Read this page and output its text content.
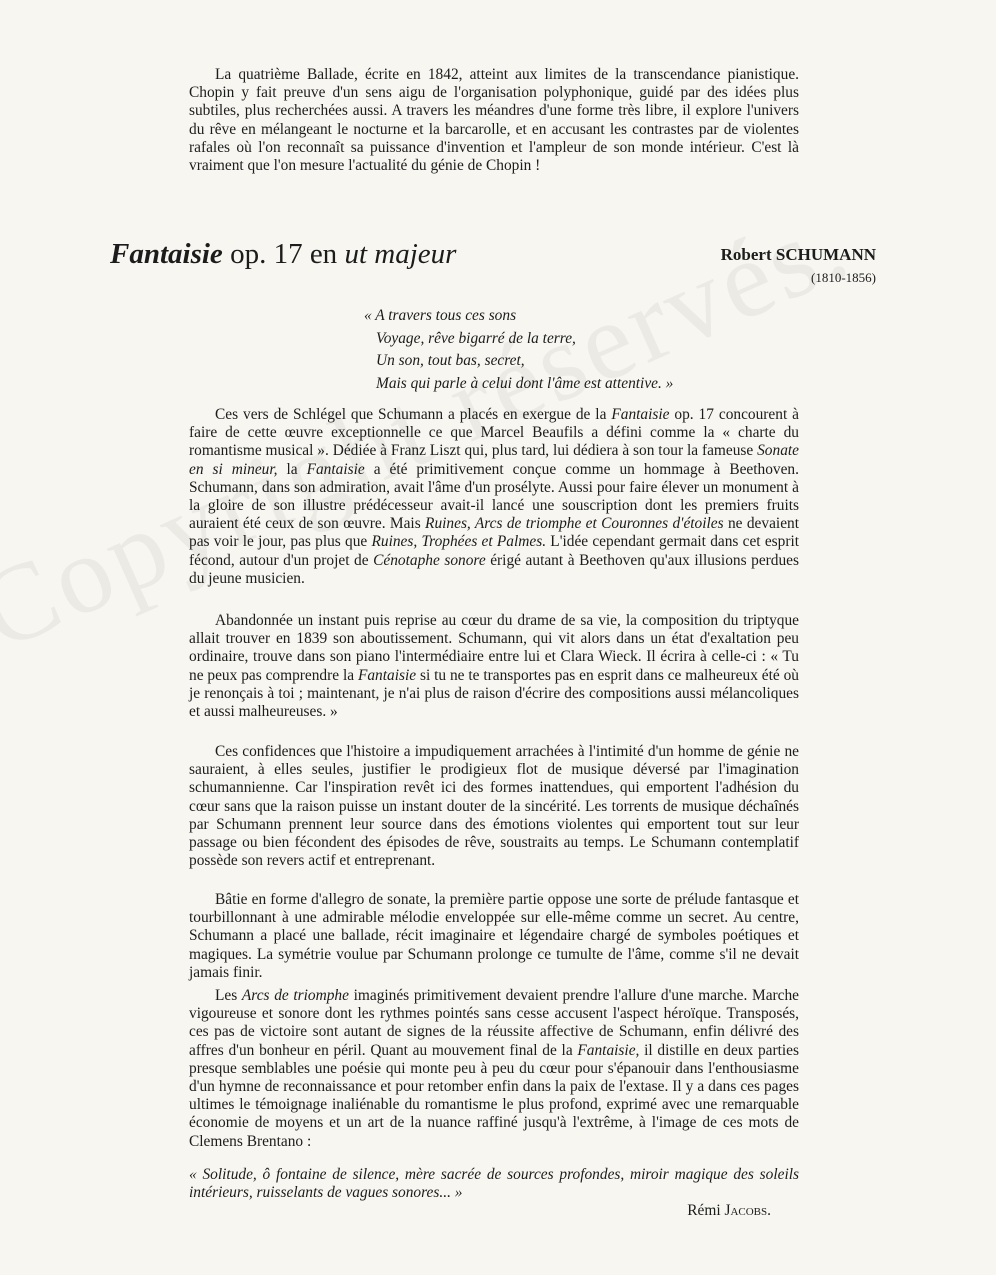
La quatrième Ballade, écrite en 1842, atteint aux limites de la transcendance pianistique. Chopin y fait preuve d'un sens aigu de l'organisation polyphonique, guidé par des idées plus subtiles, plus recherchées aussi. A travers les méandres d'une forme très libre, il explore l'univers du rêve en mélangeant le nocturne et la barcarolle, et en accusant les contrastes par de violentes rafales où l'on reconnaît sa puissance d'invention et l'ampleur de son monde intérieur. C'est là vraiment que l'on mesure l'actualité du génie de Chopin !

Fantaisie op. 17 en ut majeur	Robert SCHUMANN
(1810-1856)
« A travers tous ces sons
Voyage, rêve bigarré de la terre,
Un son, tout bas, secret,
Mais qui parle à celui dont l'âme est attentive. »

Ces vers de Schlégel que Schumann a placés en exergue de la Fantaisie op. 17 concourent à faire de cette œuvre exceptionnelle ce que Marcel Beaufils a défini comme la « charte du romantisme musical ». Dédiée à Franz Liszt qui, plus tard, lui dédiera à son tour la fameuse Sonate en si mineur, la Fantaisie a été primitivement conçue comme un hommage à Beethoven. Schumann, dans son admiration, avait l'âme d'un prosélyte. Aussi pour faire élever un monument à la gloire de son illustre prédécesseur avait-il lancé une souscription dont les premiers fruits auraient été ceux de son œuvre. Mais Ruines, Arcs de triomphe et Couronnes d'étoiles ne devaient pas voir le jour, pas plus que Ruines, Trophées et Palmes. L'idée cependant germait dans cet esprit fécond, autour d'un projet de Cénotaphe sonore érigé autant à Beethoven qu'aux illusions perdues du jeune musicien.

Abandonnée un instant puis reprise au cœur du drame de sa vie, la composition du triptyque allait trouver en 1839 son aboutissement. Schumann, qui vit alors dans un état d'exaltation peu ordinaire, trouve dans son piano l'intermédiaire entre lui et Clara Wieck. Il écrira à celle-ci : « Tu ne peux pas comprendre la Fantaisie si tu ne te transportes pas en esprit dans ce malheureux été où je renonçais à toi ; maintenant, je n'ai plus de raison d'écrire des compositions aussi mélancoliques et aussi malheureuses. »

Ces confidences que l'histoire a impudiquement arrachées à l'intimité d'un homme de génie ne sauraient, à elles seules, justifier le prodigieux flot de musique déversé par l'imagination schumannienne. Car l'inspiration revêt ici des formes inattendues, qui emportent l'adhésion du cœur sans que la raison puisse un instant douter de la sincérité. Les torrents de musique déchaînés par Schumann prennent leur source dans des émotions violentes qui emportent tout sur leur passage ou bien fécondent des épisodes de rêve, soustraits au temps. Le Schumann contemplatif possède son revers actif et entreprenant.

Bâtie en forme d'allegro de sonate, la première partie oppose une sorte de prélude fantasque et tourbillonnant à une admirable mélodie enveloppée sur elle-même comme un secret. Au centre, Schumann a placé une ballade, récit imaginaire et légendaire chargé de symboles poétiques et magiques. La symétrie voulue par Schumann prolonge ce tumulte de l'âme, comme s'il ne devait jamais finir.

Les Arcs de triomphe imaginés primitivement devaient prendre l'allure d'une marche. Marche vigoureuse et sonore dont les rythmes pointés sans cesse accusent l'aspect héroïque. Transposés, ces pas de victoire sont autant de signes de la réussite affective de Schumann, enfin délivré des affres d'un bonheur en péril. Quant au mouvement final de la Fantaisie, il distille en deux parties presque semblables une poésie qui monte peu à peu du cœur pour s'épanouir dans l'enthousiasme d'un hymne de reconnaissance et pour retomber enfin dans la paix de l'extase. Il y a dans ces pages ultimes le témoignage inaliénable du romantisme le plus profond, exprimé avec une remarquable économie de moyens et un art de la nuance raffiné jusqu'à l'extrême, à l'image de ces mots de Clemens Brentano :

« Solitude, ô fontaine de silence, mère sacrée de sources profondes, miroir magique des soleils intérieurs, ruisselants de vagues sonores... »

Rémi Jacobs.
